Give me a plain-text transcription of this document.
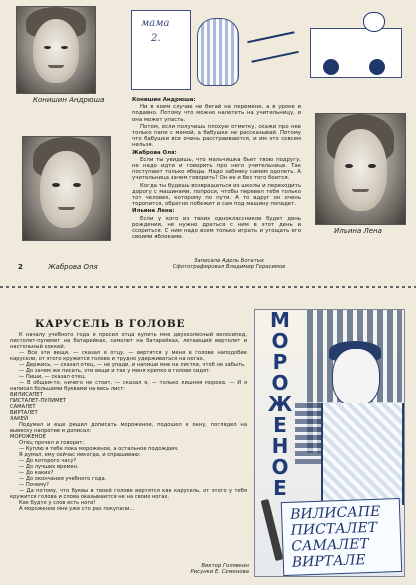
Конишин Андрюша
2	Жаброва Оля
Ильина Лена
мама
2.

Конишин Андрюша:

Ни в коем случае не бегай на перемене, а в уроке и подавно. Потому что можно налететь на учительницу, и она может упасть.

Потом, если получишь плохую отметку, скажи про нее только папе с мамой, а бабушке не рассказывай. Потому что бабушки все очень расстраиваются, и им это совсем нельзя.

Жаброва Оля:

Если ты увидишь, что мальчишка бьет твою подругу, не надо идти и говорить про него учительнице. Так поступают только ябеды. Надо забияку самим одолеть. А учительница зачем говорить? Он ее и без того боится.

Когда ты будешь возвращаться из школы и переходить дорогу с машинами, попроси, чтобы перевел тебя только тот человек, которому по пути. А то вдруг он очень торопится, обратно побежит и сам под машину попадет.

Ильина Лена:

Если у кого из твоих одноклассников будет день рождения, не нужно драться с ним в этот день и ссориться. С ним надо всем только играть и угощать его своими яблоками.

Записала Адель Богатых
Сфотографировал Владимир Герасимов
КАРУСЕЛЬ В ГОЛОВЕ

К началу учебного года я просил отца купить мне двухколесный велосипед, пистолет-пулемет на батарейках, самолет на батарейках, летающий вертолет и настольный хоккей.

— Все эти вещи, — сказал я отцу, — вертятся у меня в голове наподобие карусели, от этого кружится голова и трудно удерживаться на ногах.

— Держись, — сказал отец, — не упади, и напиши мне на листке, чтоб не забыть.

— До зачем же писать, эти вещи и так у меня крепко в голове сидят.

— Пиши, — сказал отец.

— В общем-то, ничего не стоит, — сказал я, — только лишняя морока. — И я написал большими буквами на весь лист:

ВИЛИСАПЕТ

ПИСТАЛЕТ-ПУЛИМЕТ

САМАЛЕТ

ВИРТАЛЕТ

ХАКЕЙ

Подумал и еще решил дописать мороженое, подошел к окну, поглядел на вывеску напротив и дописал:

МОРОЖЕНОЕ

Отец прочел и говорит:

— Куплю я тебе пока мороженое, а остальное подождем.

Я думал, ему сейчас некогда, и спрашиваю:

— До которого часу?

— До лучших времен.

— До каких?

— До окончания учебного года.

— Почему?

— Да потому, что буквы в твоей голове вертятся как карусель, от этого у тебя кружится голова и слова оказываются не на своих ногах.

Как будто у слов есть ноги!

А мороженое мне уже сто раз покупали...

Виктор Голявкин
Рисунки Е. Семенова
М
О
Р
О
Ж
Е
Н
О
Е
ВИЛИСАПЕ
ПИСТАЛЕТ
САМАЛЕТ
ВИРТАЛЕ
